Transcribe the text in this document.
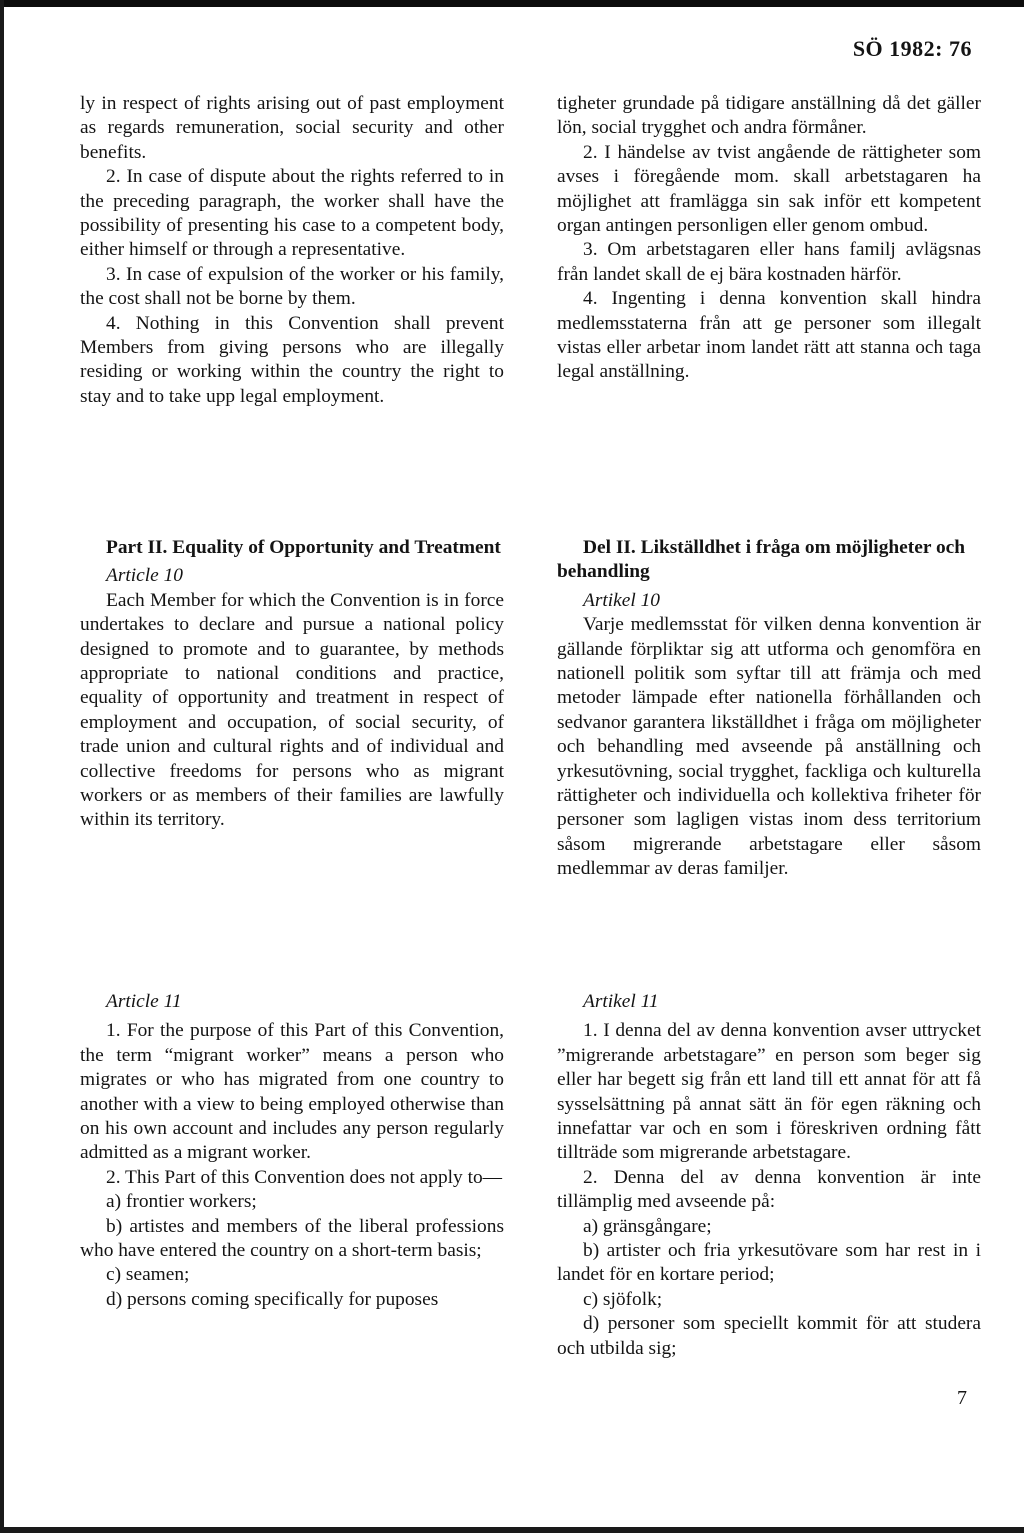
SÖ 1982: 76

ly in respect of rights arising out of past employment as regards remuneration, social security and other benefits.

2. In case of dispute about the rights referred to in the preceding paragraph, the worker shall have the possibility of presenting his case to a competent body, either himself or through a representative.

3. In case of expulsion of the worker or his family, the cost shall not be borne by them.

4. Nothing in this Convention shall prevent Members from giving persons who are illegally residing or working within the country the right to stay and to take upp legal employment.

Part II. Equality of Opportunity and Treatment

Article 10

Each Member for which the Convention is in force undertakes to declare and pursue a national policy designed to promote and to guarantee, by methods appropriate to national conditions and practice, equality of opportunity and treatment in respect of employment and occupation, of social security, of trade union and cultural rights and of individual and collective freedoms for persons who as migrant workers or as members of their families are lawfully within its territory.

Article 11

1. For the purpose of this Part of this Convention, the term “migrant worker” means a person who migrates or who has migrated from one country to another with a view to being employed otherwise than on his own account and includes any person regularly admitted as a migrant worker.

2. This Part of this Convention does not apply to—

a) frontier workers;

b) artistes and members of the liberal professions who have entered the country on a short-term basis;

c) seamen;

d) persons coming specifically for puposes

tigheter grundade på tidigare anställning då det gäller lön, social trygghet och andra förmåner.

2. I händelse av tvist angående de rättigheter som avses i föregående mom. skall arbetstagaren ha möjlighet att framlägga sin sak inför ett kompetent organ antingen personligen eller genom ombud.

3. Om arbetstagaren eller hans familj avlägsnas från landet skall de ej bära kostnaden härför.

4. Ingenting i denna konvention skall hindra medlemsstaterna från att ge personer som illegalt vistas eller arbetar inom landet rätt att stanna och taga legal anställning.

Del II. Likställdhet i fråga om möjligheter och behandling

Artikel 10

Varje medlemsstat för vilken denna konvention är gällande förpliktar sig att utforma och genomföra en nationell politik som syftar till att främja och med metoder lämpade efter nationella förhållanden och sedvanor garantera likställdhet i fråga om möjligheter och behandling med avseende på anställning och yrkesutövning, social trygghet, fackliga och kulturella rättigheter och individuella och kollektiva friheter för personer som lagligen vistas inom dess territorium såsom migrerande arbetstagare eller såsom medlemmar av deras familjer.

Artikel 11

1. I denna del av denna konvention avser uttrycket ”migrerande arbetstagare” en person som beger sig eller har begett sig från ett land till ett annat för att få sysselsättning på annat sätt än för egen räkning och innefattar var och en som i föreskriven ordning fått tillträde som migrerande arbetstagare.

2. Denna del av denna konvention är inte tillämplig med avseende på:

a) gränsgångare;

b) artister och fria yrkesutövare som har rest in i landet för en kortare period;

c) sjöfolk;

d) personer som speciellt kommit för att studera och utbilda sig;

7
